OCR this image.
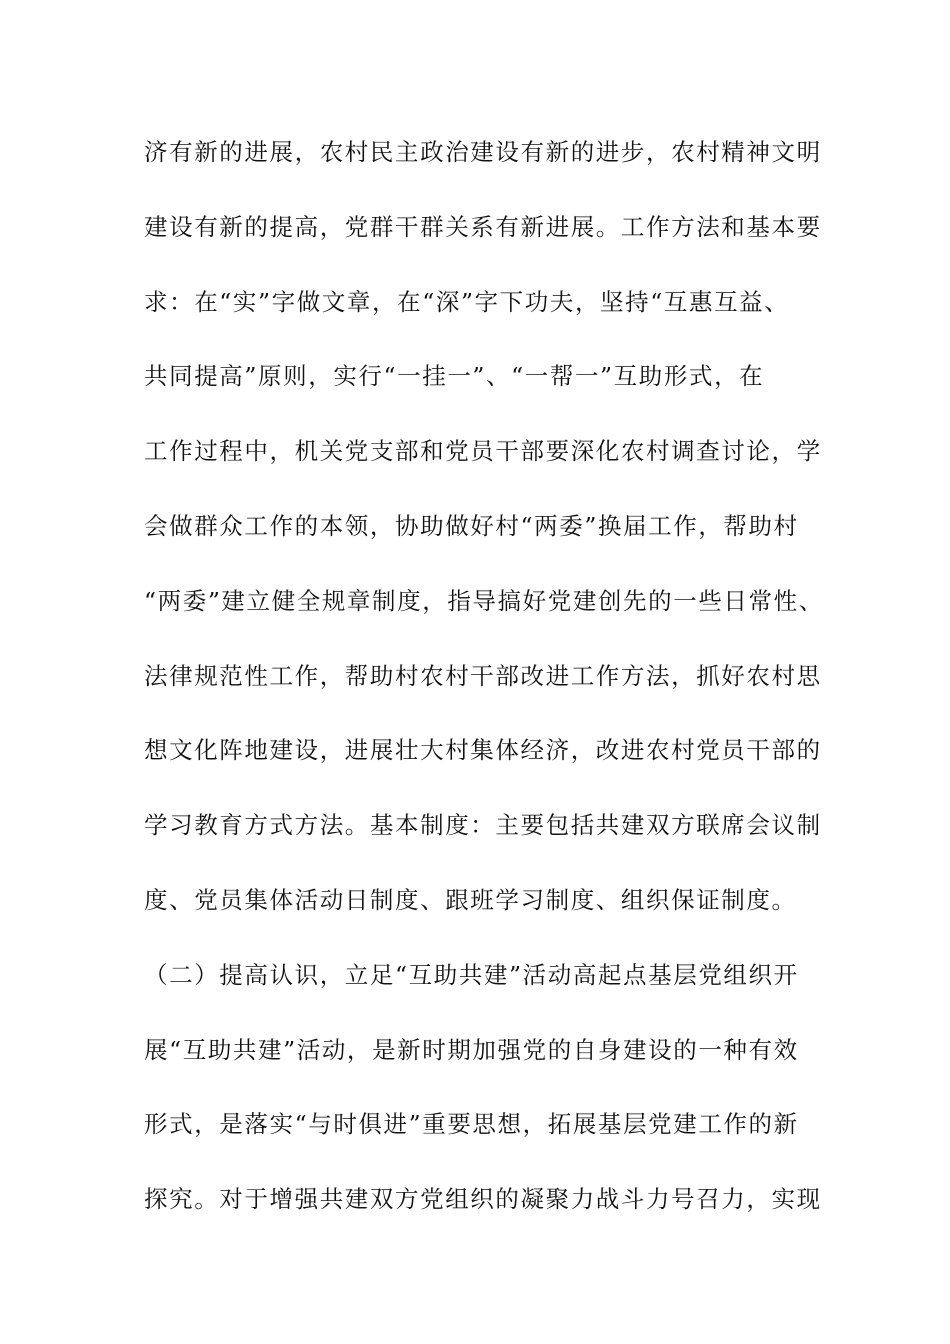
济有新的进展，农村民主政治建设有新的进步，农村精神文明
建设有新的提高，党群干群关系有新进展。工作方法和基本要
求：在“实”字做文章，在“深”字下功夫，坚持“互惠互益、
共同提高”原则，实行“一挂一”、“一帮一”互助形式，在
工作过程中，机关党支部和党员干部要深化农村调查讨论，学
会做群众工作的本领，协助做好村“两委”换届工作，帮助村
“两委”建立健全规章制度，指导搞好党建创先的一些日常性、
法律规范性工作，帮助村农村干部改进工作方法，抓好农村思
想文化阵地建设，进展壮大村集体经济，改进农村党员干部的
学习教育方式方法。基本制度：主要包括共建双方联席会议制
度、党员集体活动日制度、跟班学习制度、组织保证制度。
（二）提高认识，立足“互助共建”活动高起点基层党组织开
展“互助共建”活动，是新时期加强党的自身建设的一种有效
形式，是落实“与时俱进”重要思想，拓展基层党建工作的新
探究。对于增强共建双方党组织的凝聚力战斗力号召力，实现
